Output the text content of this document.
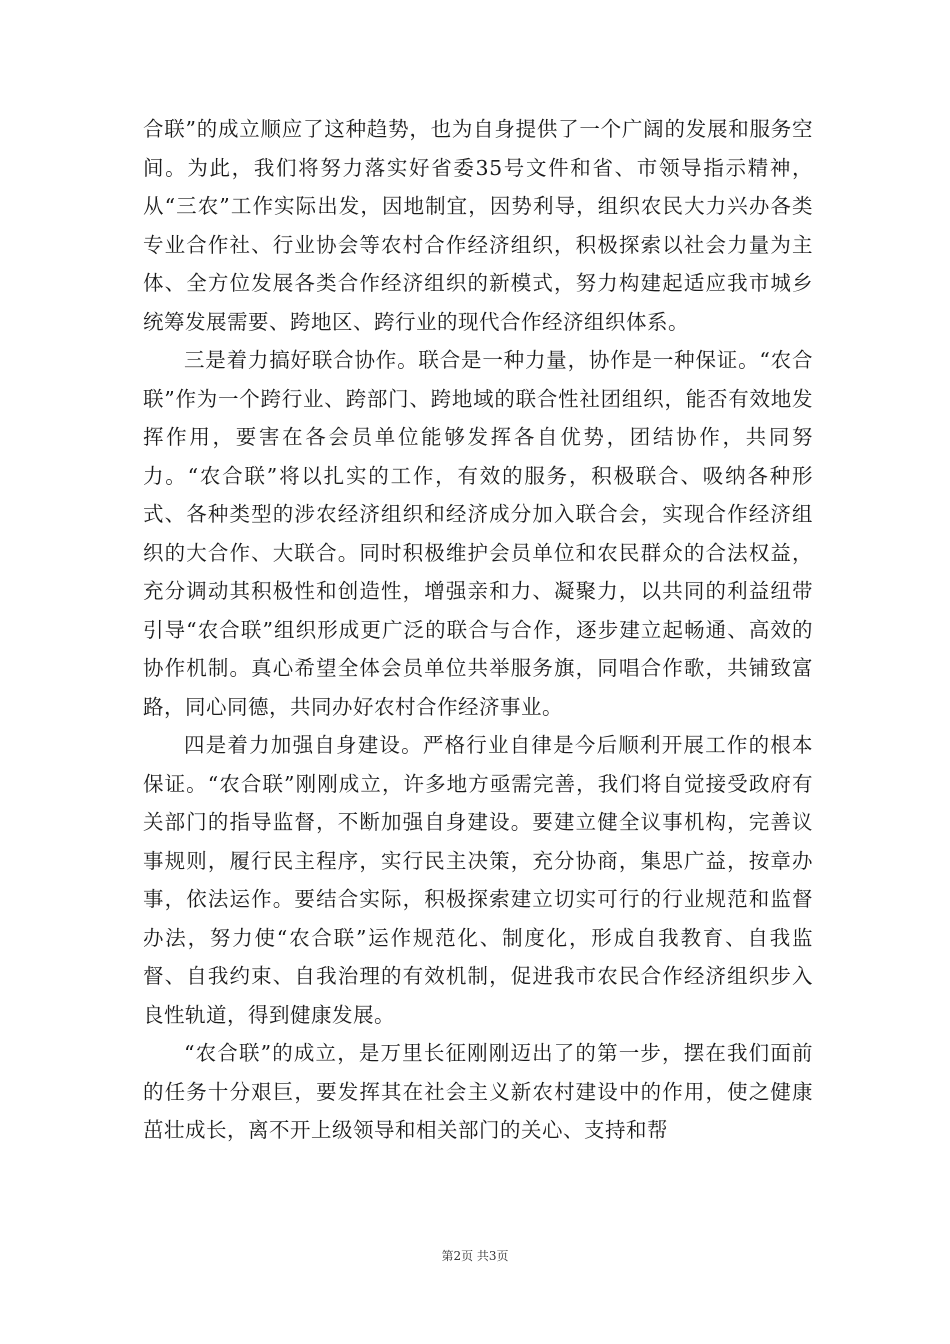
合联”的成立顺应了这种趋势，也为自身提供了一个广阔的发展和服务空间。为此，我们将努力落实好省委35号文件和省、市领导指示精神，从“三农”工作实际出发，因地制宜，因势利导，组织农民大力兴办各类专业合作社、行业协会等农村合作经济组织，积极探索以社会力量为主体、全方位发展各类合作经济组织的新模式，努力构建起适应我市城乡统筹发展需要、跨地区、跨行业的现代合作经济组织体系。

三是着力搞好联合协作。联合是一种力量，协作是一种保证。“农合联”作为一个跨行业、跨部门、跨地域的联合性社团组织，能否有效地发挥作用，要害在各会员单位能够发挥各自优势，团结协作，共同努力。“农合联”将以扎实的工作，有效的服务，积极联合、吸纳各种形式、各种类型的涉农经济组织和经济成分加入联合会，实现合作经济组织的大合作、大联合。同时积极维护会员单位和农民群众的合法权益，充分调动其积极性和创造性，增强亲和力、凝聚力，以共同的利益纽带引导“农合联”组织形成更广泛的联合与合作，逐步建立起畅通、高效的协作机制。真心希望全体会员单位共举服务旗，同唱合作歌，共铺致富路，同心同德，共同办好农村合作经济事业。

四是着力加强自身建设。严格行业自律是今后顺利开展工作的根本保证。“农合联”刚刚成立，许多地方亟需完善，我们将自觉接受政府有关部门的指导监督，不断加强自身建设。要建立健全议事机构，完善议事规则，履行民主程序，实行民主决策，充分协商，集思广益，按章办事，依法运作。要结合实际，积极探索建立切实可行的行业规范和监督办法，努力使“农合联”运作规范化、制度化，形成自我教育、自我监督、自我约束、自我治理的有效机制，促进我市农民合作经济组织步入良性轨道，得到健康发展。

“农合联”的成立，是万里长征刚刚迈出了的第一步，摆在我们面前的任务十分艰巨，要发挥其在社会主义新农村建设中的作用，使之健康茁壮成长，离不开上级领导和相关部门的关心、支持和帮

第2页 共3页
